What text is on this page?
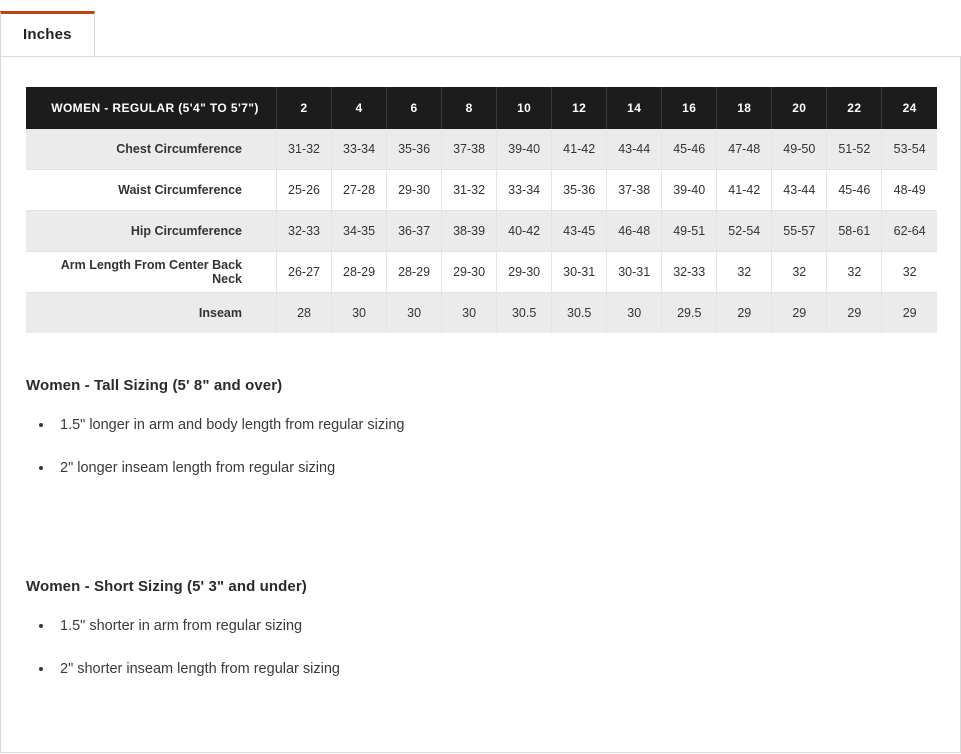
Inches
WOMEN - REGULAR (5'4" TO 5'7")	2	4	6	8	10	12	14	16	18	20	22	24
Chest Circumference	31-32	33-34	35-36	37-38	39-40	41-42	43-44	45-46	47-48	49-50	51-52	53-54
Waist Circumference	25-26	27-28	29-30	31-32	33-34	35-36	37-38	39-40	41-42	43-44	45-46	48-49
Hip Circumference	32-33	34-35	36-37	38-39	40-42	43-45	46-48	49-51	52-54	55-57	58-61	62-64
Arm Length From Center Back Neck	26-27	28-29	28-29	29-30	29-30	30-31	30-31	32-33	32	32	32	32
Inseam	28	30	30	30	30.5	30.5	30	29.5	29	29	29	29
Women - Tall Sizing (5' 8" and over)
• 1.5" longer in arm and body length from regular sizing
• 2" longer inseam length from regular sizing
Women - Short Sizing (5' 3" and under)
• 1.5" shorter in arm from regular sizing
• 2" shorter inseam length from regular sizing
